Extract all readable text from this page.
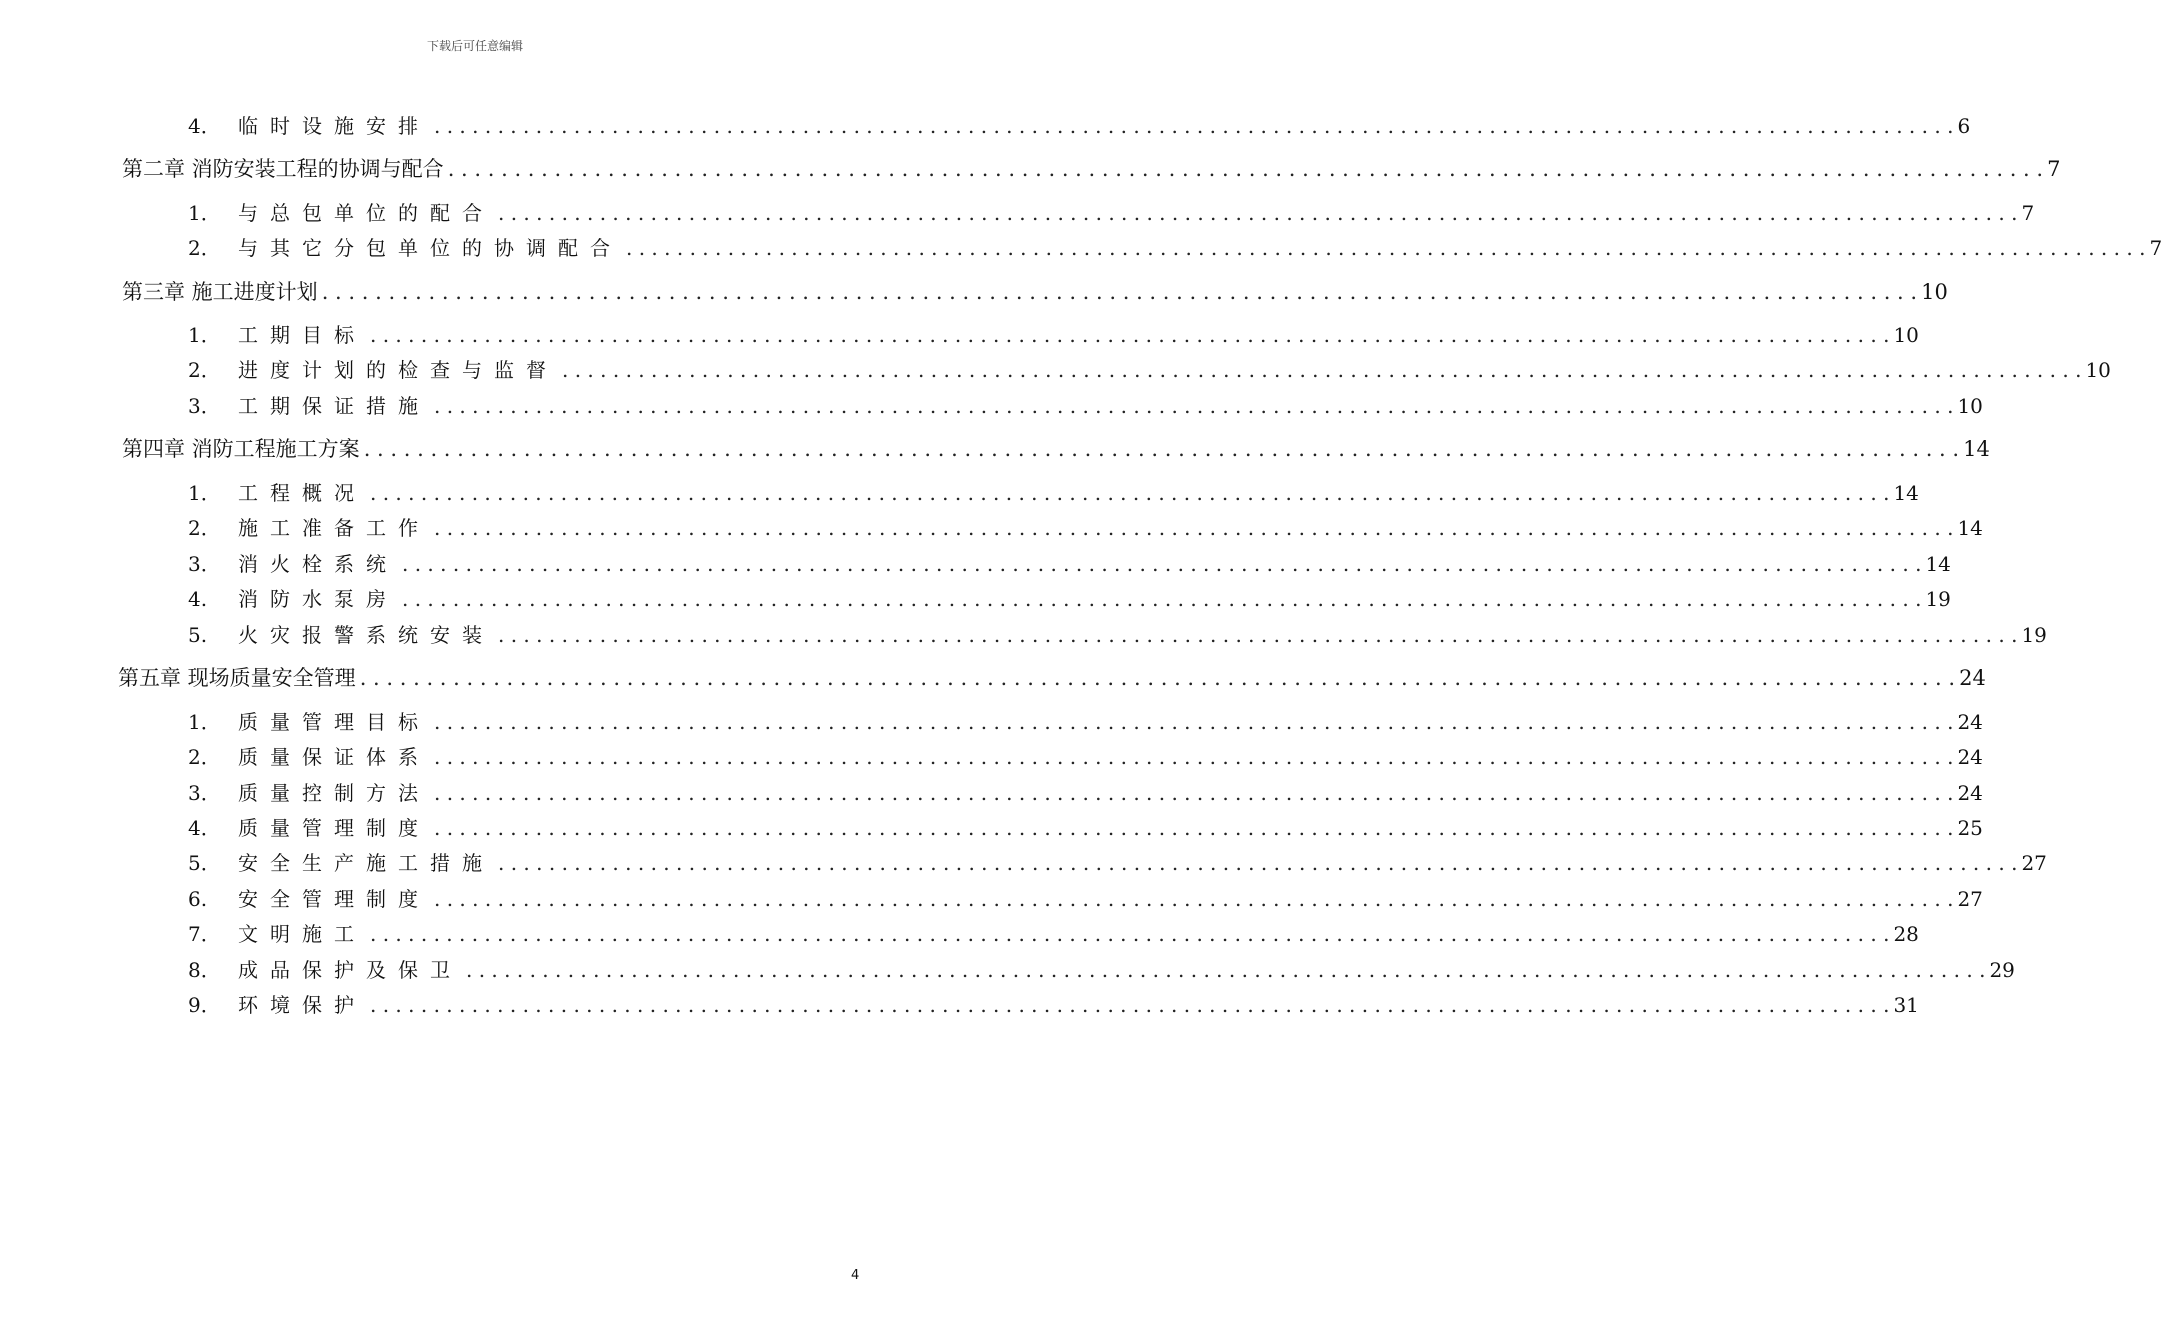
下载后可任意编辑
4． 临时设施安排 . . . . . . . . . . . . . . . . . . . . . . . . . . . . . . . . . . . . . . . . . . . . . . . . . . . . . . . . . . . . . . . . . . . . . . . . . . . . . . . . . . . . . . . . . . . . . . . . . . . . . . . . . . . . . . . . . . . . . . . . 6
第二章 消防安装工程的协调与配合 . . . . . . . . . . . . . . . . . . . . . . . . . . . . . . . . . . . . . . . . . . . . . . . . . . . . . . . . . . . . . . . . . . . . . . . . . . . . . . . . . . . . . . . . . . . . . . . . . . . . . . . . . . . . . . . . . . . . . . . . 7
1． 与总包单位的配合 . . . . . . . . . . . . . . . . . . . . . . . . . . . . . . . . . . . . . . . . . . . . . . . . . . . . . . . . . . . . . . . . . . . . . . . . . . . . . . . . . . . . . . . . . . . . . . . . . . . . . . . . . . . . . . . . . . . . . . . . 7
2． 与其它分包单位的协调配合 . . . . . . . . . . . . . . . . . . . . . . . . . . . . . . . . . . . . . . . . . . . . . . . . . . . . . . . . . . . . . . . . . . . . . . . . . . . . . . . . . . . . . . . . . . . . . . . . . . . . . . . . . . . . . . . . . . . . . . . . 7
第三章 施工进度计划 . . . . . . . . . . . . . . . . . . . . . . . . . . . . . . . . . . . . . . . . . . . . . . . . . . . . . . . . . . . . . . . . . . . . . . . . . . . . . . . . . . . . . . . . . . . . . . . . . . . . . . . . . . . . . . . . . . . . . . . . 10
1． 工期目标 . . . . . . . . . . . . . . . . . . . . . . . . . . . . . . . . . . . . . . . . . . . . . . . . . . . . . . . . . . . . . . . . . . . . . . . . . . . . . . . . . . . . . . . . . . . . . . . . . . . . . . . . . . . . . . . . . . . . . . . . 10
2． 进度计划的检查与监督 . . . . . . . . . . . . . . . . . . . . . . . . . . . . . . . . . . . . . . . . . . . . . . . . . . . . . . . . . . . . . . . . . . . . . . . . . . . . . . . . . . . . . . . . . . . . . . . . . . . . . . . . . . . . . . . . . . . . . . . . 10
3． 工期保证措施 . . . . . . . . . . . . . . . . . . . . . . . . . . . . . . . . . . . . . . . . . . . . . . . . . . . . . . . . . . . . . . . . . . . . . . . . . . . . . . . . . . . . . . . . . . . . . . . . . . . . . . . . . . . . . . . . . . . . . . . . 10
第四章 消防工程施工方案 . . . . . . . . . . . . . . . . . . . . . . . . . . . . . . . . . . . . . . . . . . . . . . . . . . . . . . . . . . . . . . . . . . . . . . . . . . . . . . . . . . . . . . . . . . . . . . . . . . . . . . . . . . . . . . . . . . . . . . . . 14
1． 工程概况 . . . . . . . . . . . . . . . . . . . . . . . . . . . . . . . . . . . . . . . . . . . . . . . . . . . . . . . . . . . . . . . . . . . . . . . . . . . . . . . . . . . . . . . . . . . . . . . . . . . . . . . . . . . . . . . . . . . . . . . . 14
2． 施工准备工作 . . . . . . . . . . . . . . . . . . . . . . . . . . . . . . . . . . . . . . . . . . . . . . . . . . . . . . . . . . . . . . . . . . . . . . . . . . . . . . . . . . . . . . . . . . . . . . . . . . . . . . . . . . . . . . . . . . . . . . . . 14
3． 消火栓系统 . . . . . . . . . . . . . . . . . . . . . . . . . . . . . . . . . . . . . . . . . . . . . . . . . . . . . . . . . . . . . . . . . . . . . . . . . . . . . . . . . . . . . . . . . . . . . . . . . . . . . . . . . . . . . . . . . . . . . . . . 14
4. 消防水泵房 . . . . . . . . . . . . . . . . . . . . . . . . . . . . . . . . . . . . . . . . . . . . . . . . . . . . . . . . . . . . . . . . . . . . . . . . . . . . . . . . . . . . . . . . . . . . . . . . . . . . . . . . . . . . . . . . . . . . . . . . 19
5. 火灾报警系统安装 . . . . . . . . . . . . . . . . . . . . . . . . . . . . . . . . . . . . . . . . . . . . . . . . . . . . . . . . . . . . . . . . . . . . . . . . . . . . . . . . . . . . . . . . . . . . . . . . . . . . . . . . . . . . . . . . . . . . . . . . 19
第五章 现场质量安全管理 . . . . . . . . . . . . . . . . . . . . . . . . . . . . . . . . . . . . . . . . . . . . . . . . . . . . . . . . . . . . . . . . . . . . . . . . . . . . . . . . . . . . . . . . . . . . . . . . . . . . . . . . . . . . . . . . . . . . . . . . 24
1． 质量管理目标 . . . . . . . . . . . . . . . . . . . . . . . . . . . . . . . . . . . . . . . . . . . . . . . . . . . . . . . . . . . . . . . . . . . . . . . . . . . . . . . . . . . . . . . . . . . . . . . . . . . . . . . . . . . . . . . . . . . . . . . . 24
2． 质量保证体系 . . . . . . . . . . . . . . . . . . . . . . . . . . . . . . . . . . . . . . . . . . . . . . . . . . . . . . . . . . . . . . . . . . . . . . . . . . . . . . . . . . . . . . . . . . . . . . . . . . . . . . . . . . . . . . . . . . . . . . . . 24
3． 质量控制方法 . . . . . . . . . . . . . . . . . . . . . . . . . . . . . . . . . . . . . . . . . . . . . . . . . . . . . . . . . . . . . . . . . . . . . . . . . . . . . . . . . . . . . . . . . . . . . . . . . . . . . . . . . . . . . . . . . . . . . . . . 24
4． 质量管理制度 . . . . . . . . . . . . . . . . . . . . . . . . . . . . . . . . . . . . . . . . . . . . . . . . . . . . . . . . . . . . . . . . . . . . . . . . . . . . . . . . . . . . . . . . . . . . . . . . . . . . . . . . . . . . . . . . . . . . . . . . 25
5． 安全生产施工措施 . . . . . . . . . . . . . . . . . . . . . . . . . . . . . . . . . . . . . . . . . . . . . . . . . . . . . . . . . . . . . . . . . . . . . . . . . . . . . . . . . . . . . . . . . . . . . . . . . . . . . . . . . . . . . . . . . . . . . . . . 27
6. 安全管理制度 . . . . . . . . . . . . . . . . . . . . . . . . . . . . . . . . . . . . . . . . . . . . . . . . . . . . . . . . . . . . . . . . . . . . . . . . . . . . . . . . . . . . . . . . . . . . . . . . . . . . . . . . . . . . . . . . . . . . . . . . 27
7． 文明施工 . . . . . . . . . . . . . . . . . . . . . . . . . . . . . . . . . . . . . . . . . . . . . . . . . . . . . . . . . . . . . . . . . . . . . . . . . . . . . . . . . . . . . . . . . . . . . . . . . . . . . . . . . . . . . . . . . . . . . . . . 28
8． 成品保护及保卫 . . . . . . . . . . . . . . . . . . . . . . . . . . . . . . . . . . . . . . . . . . . . . . . . . . . . . . . . . . . . . . . . . . . . . . . . . . . . . . . . . . . . . . . . . . . . . . . . . . . . . . . . . . . . . . . . . . . . . . . . 29
9． 环境保护 . . . . . . . . . . . . . . . . . . . . . . . . . . . . . . . . . . . . . . . . . . . . . . . . . . . . . . . . . . . . . . . . . . . . . . . . . . . . . . . . . . . . . . . . . . . . . . . . . . . . . . . . . . . . . . . . . . . . . . . . 31
4
